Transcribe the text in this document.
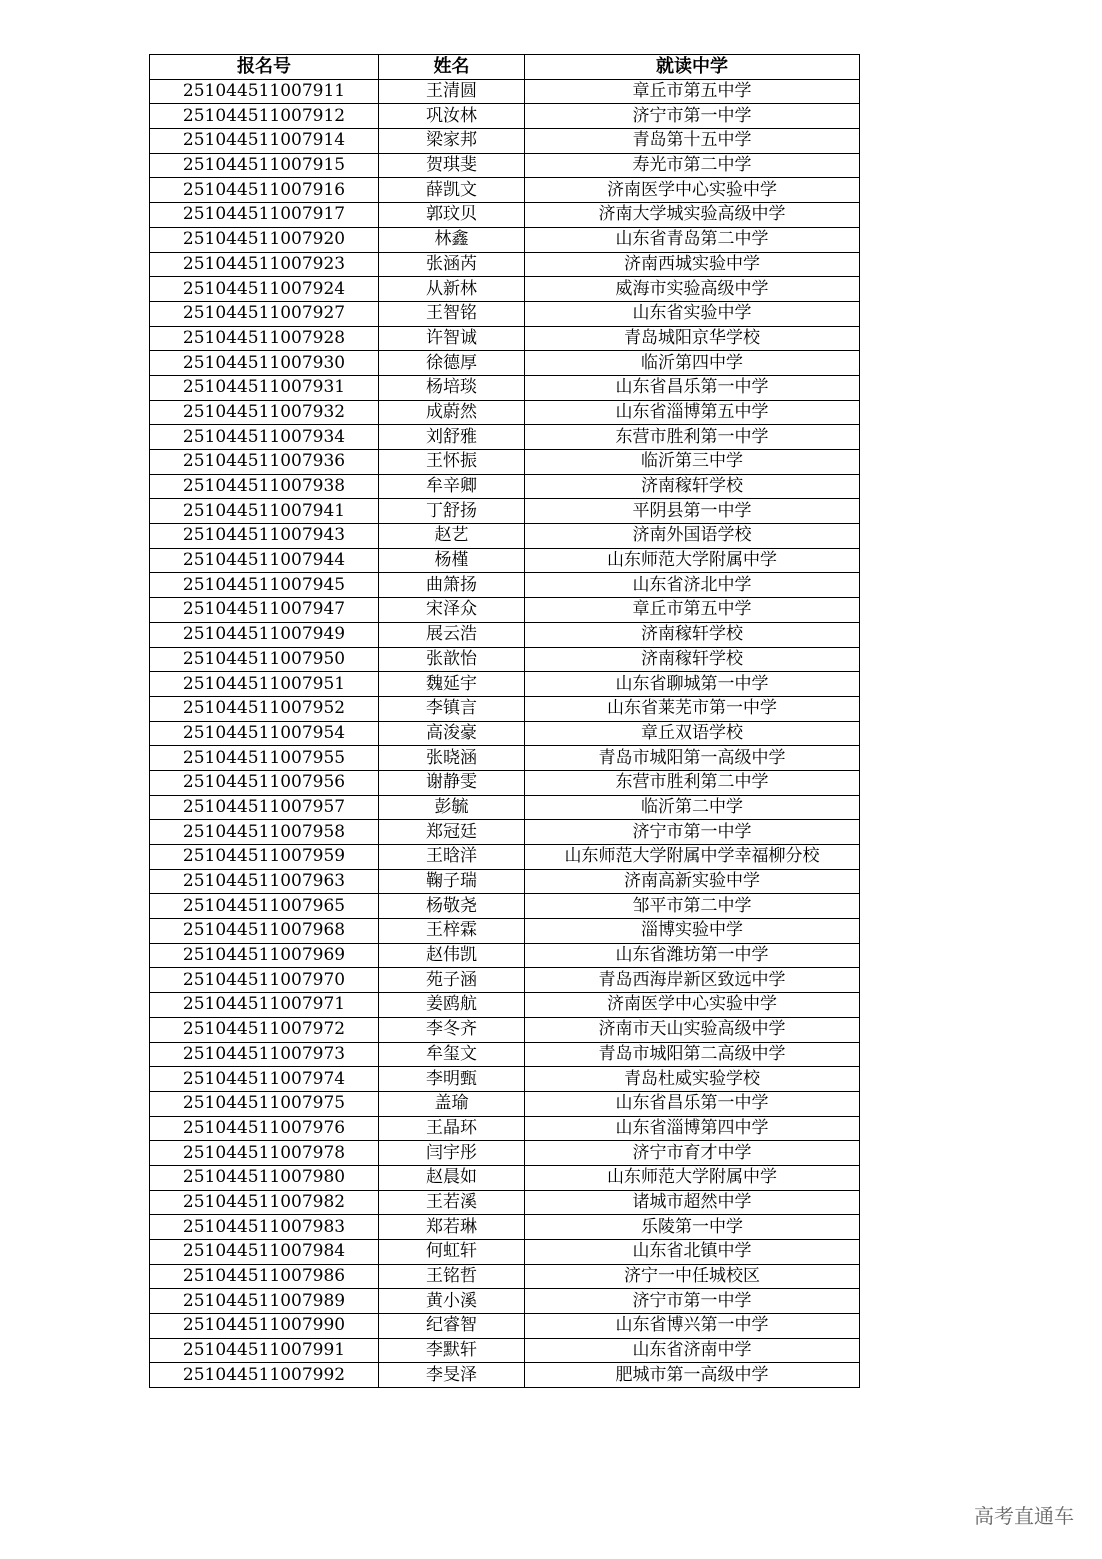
报名号	姓名	就读中学
251044511007911	王清圆	章丘市第五中学
251044511007912	巩汝林	济宁市第一中学
251044511007914	梁家邦	青岛第十五中学
251044511007915	贺琪斐	寿光市第二中学
251044511007916	薛凯文	济南医学中心实验中学
251044511007917	郭玟贝	济南大学城实验高级中学
251044511007920	林鑫	山东省青岛第二中学
251044511007923	张涵芮	济南西城实验中学
251044511007924	从新林	威海市实验高级中学
251044511007927	王智铭	山东省实验中学
251044511007928	许智诚	青岛城阳京华学校
251044511007930	徐德厚	临沂第四中学
251044511007931	杨培琰	山东省昌乐第一中学
251044511007932	成蔚然	山东省淄博第五中学
251044511007934	刘舒雅	东营市胜利第一中学
251044511007936	王怀振	临沂第三中学
251044511007938	牟辛卿	济南稼轩学校
251044511007941	丁舒扬	平阴县第一中学
251044511007943	赵艺	济南外国语学校
251044511007944	杨槿	山东师范大学附属中学
251044511007945	曲箫扬	山东省济北中学
251044511007947	宋泽众	章丘市第五中学
251044511007949	展云浩	济南稼轩学校
251044511007950	张歆怡	济南稼轩学校
251044511007951	魏延宇	山东省聊城第一中学
251044511007952	李镇言	山东省莱芜市第一中学
251044511007954	高浚豪	章丘双语学校
251044511007955	张晓涵	青岛市城阳第一高级中学
251044511007956	谢静雯	东营市胜利第二中学
251044511007957	彭毓	临沂第二中学
251044511007958	郑冠廷	济宁市第一中学
251044511007959	王晗洋	山东师范大学附属中学幸福柳分校
251044511007963	鞠子瑞	济南高新实验中学
251044511007965	杨敬尧	邹平市第二中学
251044511007968	王梓霖	淄博实验中学
251044511007969	赵伟凯	山东省潍坊第一中学
251044511007970	苑子涵	青岛西海岸新区致远中学
251044511007971	姜鸥航	济南医学中心实验中学
251044511007972	李冬齐	济南市天山实验高级中学
251044511007973	牟玺文	青岛市城阳第二高级中学
251044511007974	李明甄	青岛杜威实验学校
251044511007975	盖瑜	山东省昌乐第一中学
251044511007976	王晶环	山东省淄博第四中学
251044511007978	闫宇彤	济宁市育才中学
251044511007980	赵晨如	山东师范大学附属中学
251044511007982	王若溪	诸城市超然中学
251044511007983	郑若琳	乐陵第一中学
251044511007984	何虹轩	山东省北镇中学
251044511007986	王铭哲	济宁一中任城校区
251044511007989	黄小溪	济宁市第一中学
251044511007990	纪睿智	山东省博兴第一中学
251044511007991	李默轩	山东省济南中学
251044511007992	李旻泽	肥城市第一高级中学
高考直通车
